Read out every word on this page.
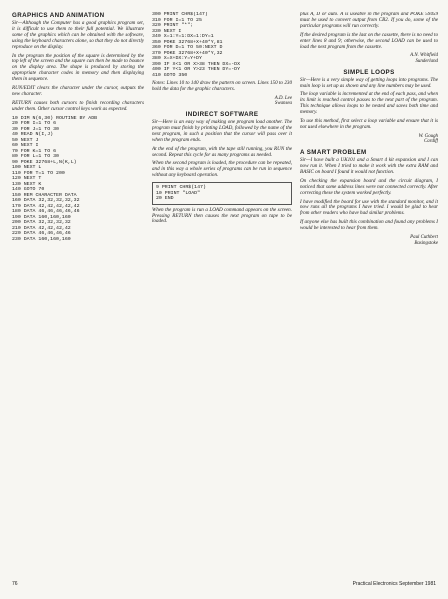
GRAPHICS AND ANIMATION

Sir—Although the Computer has a good graphics program set, it is difficult to use them to their full potential. We illustrate some of the graphics which can be obtained with the software, using the keyboard characters alone, so that they do not directly reproduce on the display.

In the program the position of the square is determined by the top left of the screen and the square can then be made to bounce on the display area. The shape is produced by storing the appropriate character codes in memory and then displaying them in sequence.

RUN/EDIT clears the character under the cursor, outputs the new character.

RETURN causes both cursors to finish recording characters under them. Other cursor control keys work as expected.

10 DIM N(6,30) ROUTINE BY ADB
20 FOR I=1 TO 6
30 FOR J=1 TO 30
40 READ N(I,J)
50 NEXT J
60 NEXT I
70 FOR K=1 TO 6
80 FOR L=1 TO 30
90 POKE 32768+L,N(K,L)
100 NEXT L
110 FOR T=1 TO 200
120 NEXT T
130 NEXT K
140 GOTO 70
150 REM CHARACTER DATA
160 DATA 32,32,32,32,32
170 DATA 42,42,42,42,42
180 DATA 46,46,46,46,46
190 DATA 160,160,160
200 DATA 32,32,32,32
210 DATA 42,42,42,42
220 DATA 46,46,46,46
230 DATA 160,160,160
300 PRINT CHR$(147)
310 FOR I=1 TO 25
320 PRINT "*";
330 NEXT I
340 X=1:Y=1:DX=1:DY=1
350 POKE 32768+X+40*Y,81
360 FOR D=1 TO 50:NEXT D
370 POKE 32768+X+40*Y,32
380 X=X+DX:Y=Y+DY
390 IF X<1 OR X>38 THEN DX=-DX
400 IF Y<1 OR Y>23 THEN DY=-DY
410 GOTO 350

Notes: Lines 10 to 140 draw the pattern on screen. Lines 150 to 230 hold the data for the graphic characters.

A.D. Lee
Swansea
INDIRECT SOFTWARE

Sir—Here is an easy way of making one program load another. The program must finish by printing LOAD, followed by the name of the next program, in such a position that the cursor will pass over it when the program ends.

At the end of the program, with the tape still running, you RUN the second. Repeat this cycle for as many programs as needed.

When the second program is loaded, the procedure can be repeated, and in this way a whole series of programs can be run in sequence without any keyboard operation.

9 PRINT CHR$(147)
10 PRINT "LOAD"
20 END

When the program is run a LOAD command appears on the screen. Pressing RETURN then causes the next program on tape to be loaded.

plus A, D or auto. A is useable in the program and POKE 59459 must be used to convert output from CB2. If you do, some of the particular programs will run correctly.

If the desired program is the last on the cassette, there is no need to enter lines 8 and 9; otherwise, the second LOAD can be used to load the next program from the cassette.

A.N. Whitfield
Sunderland
SIMPLE LOOPS

Sir—Here is a very simple way of getting loops into programs. The main loop is set up as shown and any line numbers may be used.

The loop variable is incremented at the end of each pass, and when its limit is reached control passes to the next part of the program. This technique allows loops to be nested and saves both time and memory.

To use this method, first select a loop variable and ensure that it is not used elsewhere in the program.

W. Gough
Cardiff
A SMART PROBLEM

Sir—I have built a UK101 and a Smart 4 kit expansion and I can now run it. When I tried to make it work with the extra RAM and BASIC on board I found it would not function.

On checking the expansion board and the circuit diagram, I noticed that some address lines were not connected correctly. After correcting these the system worked perfectly.

I have modified the board for use with the standard monitor, and it now runs all the programs I have tried. I would be glad to hear from other readers who have had similar problems.

If anyone else has built this combination and found any problems I would be interested to hear from them.

Paul Cuthbert
Basingstoke
76	Practical Electronics September 1981
